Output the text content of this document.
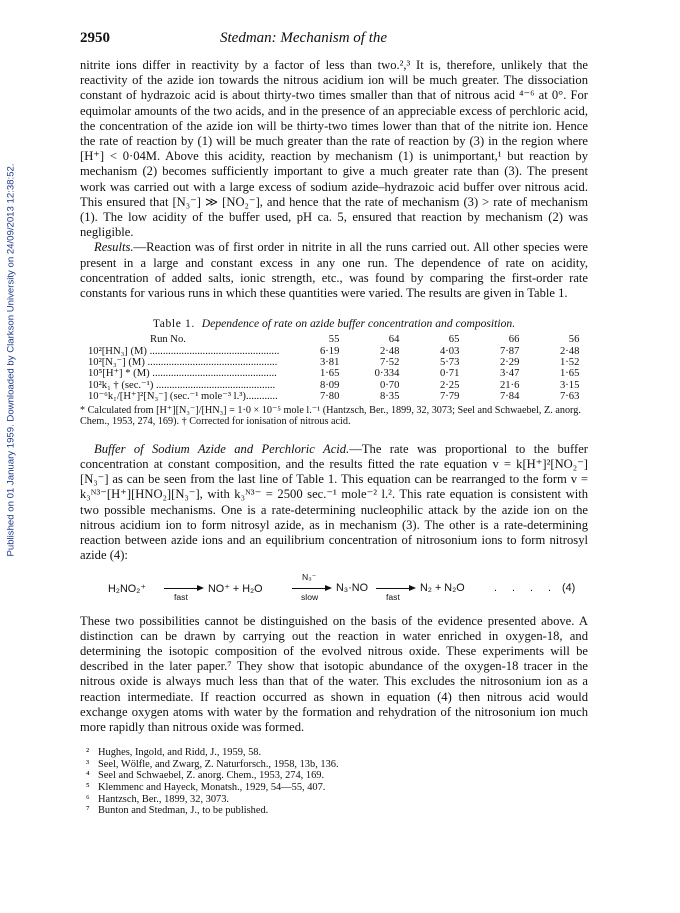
Published on 01 January 1959. Downloaded by Clarkson University on 24/09/2013 12:38:52.
2950	Stedman: Mechanism of the

nitrite ions differ in reactivity by a factor of less than two.²,³ It is, therefore, unlikely that the reactivity of the azide ion towards the nitrous acidium ion will be much greater. The dissociation constant of hydrazoic acid is about thirty-two times smaller than that of nitrous acid ⁴⁻⁶ at 0°. For equimolar amounts of the two acids, and in the presence of an appreciable excess of perchloric acid, the concentration of the azide ion will be thirty-two times lower than that of the nitrite ion. Hence the rate of reaction by (1) will be much greater than the rate of reaction by (3) in the region where [H⁺] < 0·04M. Above this acidity, reaction by mechanism (1) is unimportant,¹ but reaction by mechanism (2) becomes sufficiently important to give a much greater rate than (3). The present work was carried out with a large excess of sodium azide–hydrazoic acid buffer over nitrous acid. This ensured that [N₃⁻] ≫ [NO₂⁻], and hence that the rate of mechanism (3) > rate of mechanism (1). The low acidity of the buffer used, pH ca. 5, ensured that reaction by mechanism (2) was negligible.

Results.—Reaction was of first order in nitrite in all the runs carried out. All other species were present in a large and constant excess in any one run. The dependence of rate on acidity, concentration of added salts, ionic strength, etc., was found by comparing the first-order rate constants for various runs in which these quantities were varied. The results are given in Table 1.

Table 1. Dependence of rate on azide buffer concentration and composition.
Run No.	55	64	65	66	56
10²[HN₃] (M) .................................................	6·19	2·48	4·03	7·87	2·48
10²[N₃⁻] (M) .................................................	3·81	7·52	5·73	2·29	1·52
10⁵[H⁺] * (M) ...............................................	1·65	0·334	0·71	3·47	1·65
10²k₁ † (sec.⁻¹) .............................................	8·09	0·70	2·25	21·6	3·15
10⁻⁶k₁/[H⁺]²[N₃⁻] (sec.⁻¹ mole⁻³ l.³)............	7·80	8·35	7·79	7·84	7·63
* Calculated from [H⁺][N₃⁻]/[HN₃] = 1·0 × 10⁻⁵ mole l.⁻¹ (Hantzsch, Ber., 1899, 32, 3073; Seel and Schwaebel, Z. anorg. Chem., 1953, 274, 169). † Corrected for ionisation of nitrous acid.

Buffer of Sodium Azide and Perchloric Acid.—The rate was proportional to the buffer concentration at constant composition, and the results fitted the rate equation v = k[H⁺]²[NO₂⁻][N₃⁻] as can be seen from the last line of Table 1. This equation can be rearranged to the form v = k₃ᴺ³⁻[H⁺][HNO₂][N₃⁻], with k₃ᴺ³⁻ = 2500 sec.⁻¹ mole⁻² l.². This rate equation is consistent with two possible mechanisms. One is a rate-determining nucleophilic attack by the azide ion on the nitrous acidium ion to form nitrosyl azide, as in mechanism (3). The other is a rate-determining reaction between azide ions and an equilibrium concentration of nitrosonium ions to form nitrosyl azide (4):

H₂NO₂⁺
fast
NO⁺ + H₂O
N₃⁻
slow
N₃·NO
fast
N₂ + N₂O	. . . . (4)

These two possibilities cannot be distinguished on the basis of the evidence presented above. A distinction can be drawn by carrying out the reaction in water enriched in oxygen-18, and determining the isotopic composition of the evolved nitrous oxide. These experiments will be described in the later paper.⁷ They show that isotopic abundance of the oxygen-18 tracer in the nitrous oxide is always much less than that of the water. This excludes the nitrosonium ion as a reaction intermediate. If reaction occurred as shown in equation (4) then nitrous acid would exchange oxygen atoms with water by the formation and rehydration of the nitrosonium ion much more rapidly than nitrous oxide was formed.

² Hughes, Ingold, and Ridd, J., 1959, 58.
³ Seel, Wölfle, and Zwarg, Z. Naturforsch., 1958, 13b, 136.
⁴ Seel and Schwaebel, Z. anorg. Chem., 1953, 274, 169.
⁵ Klemmenc and Hayeck, Monatsh., 1929, 54—55, 407.
⁶ Hantzsch, Ber., 1899, 32, 3073.
⁷ Bunton and Stedman, J., to be published.
